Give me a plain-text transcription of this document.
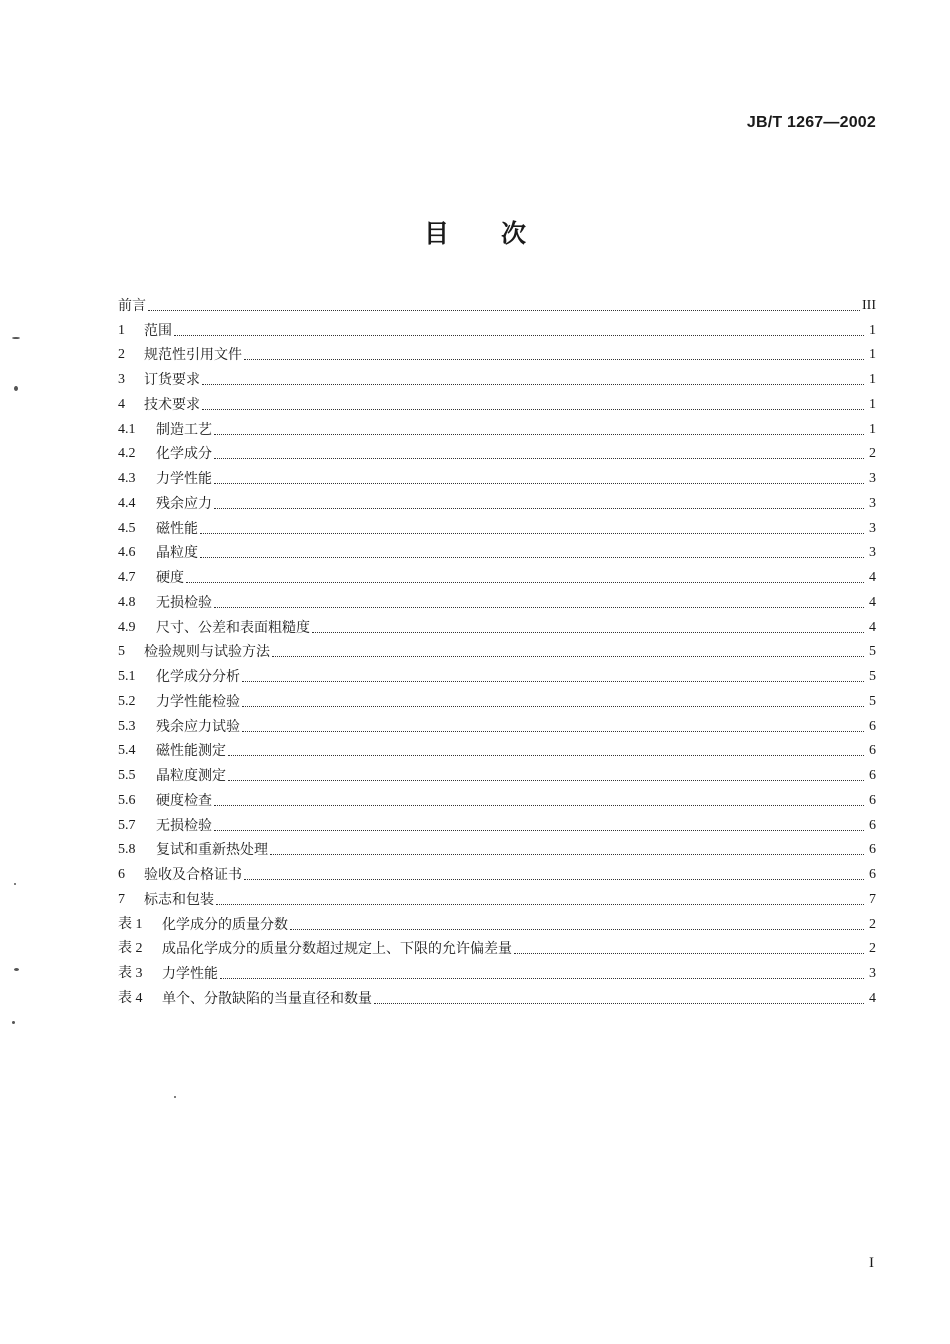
JB/T 1267—2002
目 次
前言	III
1	范围	1
2	规范性引用文件	1
3	订货要求	1
4	技术要求	1
4.1	制造工艺	1
4.2	化学成分	2
4.3	力学性能	3
4.4	残余应力	3
4.5	磁性能	3
4.6	晶粒度	3
4.7	硬度	4
4.8	无损检验	4
4.9	尺寸、公差和表面粗糙度	4
5	检验规则与试验方法	5
5.1	化学成分分析	5
5.2	力学性能检验	5
5.3	残余应力试验	6
5.4	磁性能测定	6
5.5	晶粒度测定	6
5.6	硬度检查	6
5.7	无损检验	6
5.8	复试和重新热处理	6
6	验收及合格证书	6
7	标志和包装	7
表 1	化学成分的质量分数	2
表 2	成品化学成分的质量分数超过规定上、下限的允许偏差量	2
表 3	力学性能	3
表 4	单个、分散缺陷的当量直径和数量	4
I
